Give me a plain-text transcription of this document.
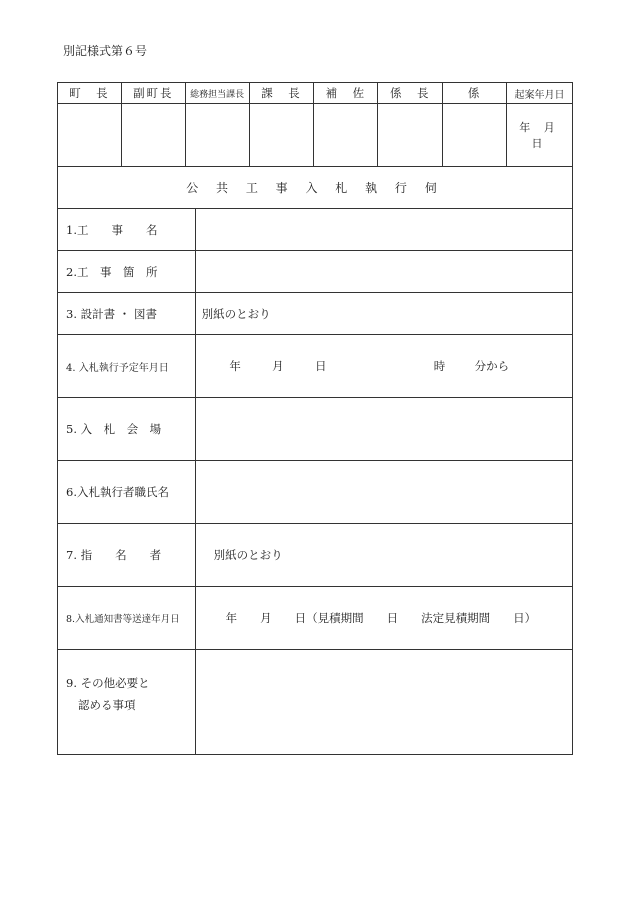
別記様式第６号
町　長	副町長	総務担当課長	課　長	補　佐	係　長	係	起案年月日
							年 月 日
公 共 工 事 入 札 執 行 伺	
1.工　　事　　名	
2.工　事　箇　所	
3. 設計書 ・ 図書	別紙のとおり
4. 入札執行予定年月日	年 月 日 時 分から
5. 入　札　会　場	
6.入札執行者職氏名	
7. 指　　名　　者	別紙のとおり
8.入札通知書等送達年月日	年　　月　　日（見積期間　　日　　法定見積期間　　日）

9. その他必要と
認める事項	
